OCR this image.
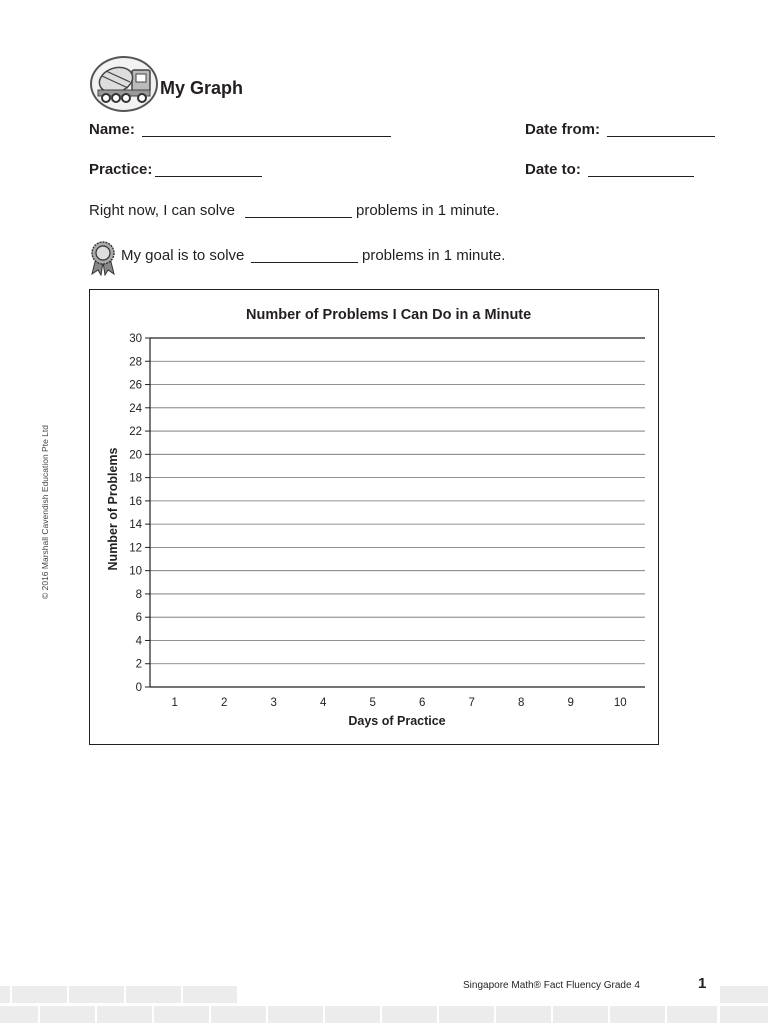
My Graph
Name:	Date from:
Practice:	Date to:
Right now, I can solve	problems in 1 minute.
My goal is to solve	problems in 1 minute.
Number of Problems I Can Do in a Minute
0
2
4
6
8
10
12
14
16
18
20
22
24
26
28
30
1	2	3	4	5	6	7	8	9	10
Days of Practice
Number of Problems
© 2016 Marshall Cavendish Education Pte Ltd
Singapore Math® Fact Fluency Grade 4	1
